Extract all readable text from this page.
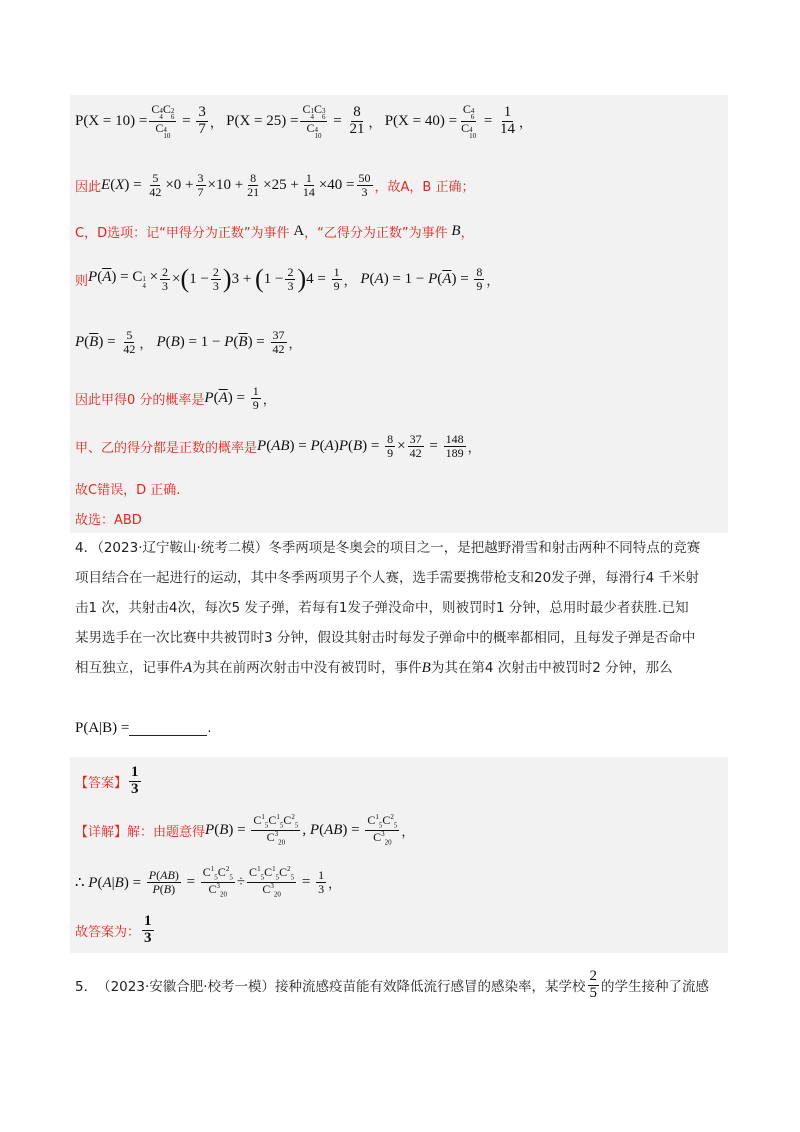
P(X = 10) = C 4
4
C 2
6
C 4
$10 = \frac{3}{7}$ ， P(X = 25) = C 1
4
C 3
6
C 4
$10 = \frac{8}{21}$ ， P(X = 40) = C 4
6
C 4
$10 = \frac{1}{14}$ ，
因此 $E(X) = \frac{5}{42} \times 0 + \frac{3}{7} \times 10 + \frac{8}{21} \times 25 + \frac{1}{14} \times 40 = \frac{50}{3}$ ，故A，B 正确；
C，D选项：记“甲得分为正数”为事件 A ，“乙得分为正数”为事件 B ，
则 $P(\overline{A}) = C$ 1
4
× $\frac{2}{3}$ × ( $1 - \frac{2}{3}$ ) 3 + ( $1 - \frac{2}{3}$ ) $4 = \frac{1}{9}$ ， $P(A) = 1 - P(\overline{A}) = \frac{8}{9}$ ，
$P(\overline{B}) = \frac{5}{42}$ ， $P(B) = 1 - P(\overline{B}) = \frac{37}{42}$ ，
因此甲得0 分的概率是 $P(\overline{A}) = \frac{1}{9}$ ，
甲、乙的得分都是正数的概率是 $P(AB) = P(A)P(B) = \frac{8}{9} \times \frac{37}{42} = \frac{148}{189}$ ，
故C错误，D 正确.
故选：ABD
4．（2023·辽宁鞍山·统考二模）冬季两项是冬奥会的项目之一，是把越野滑雪和射击两种不同特点的竞赛
项目结合在一起进行的运动，其中冬季两项男子个人赛，选手需要携带枪支和20发子弹，每滑行4 千米射
击1 次，共射击4次，每次5 发子弹，若每有1发子弹没命中，则被罚时1 分钟，总用时最少者获胜.已知
某男选手在一次比赛中共被罚时3 分钟，假设其射击时每发子弹命中的概率都相同，且每发子弹是否命中
相互独立，记事件A为其在前两次射击中没有被罚时，事件B为其在第4 次射击中被罚时2 分钟，那么
P(A|B) =	.
【答案】 $\frac{1}{3}$
【详解】 解：由题意得 $P(B) = \frac{C^1_5C^1_5C^2_5}{C^3_{20}}$ , $P(AB) = \frac{C^1_5C^2_5}{C^3_{20}}$ ，
∴ $P(A|B) = \frac{P(AB)}{P(B)} = \frac{C^1_5C^2_5}{C^3_{20}} \div \frac{C^1_5C^1_5C^2_5}{C^3_{20}} = \frac{1}{3}$ ，
故答案为： $\frac{1}{3}$
5． （2023·安徽合肥·校考一模） 接种流感疫苗能有效降低流行感冒的感染率，某学校 $\frac{2}{5}$ 的学生接种了流感
